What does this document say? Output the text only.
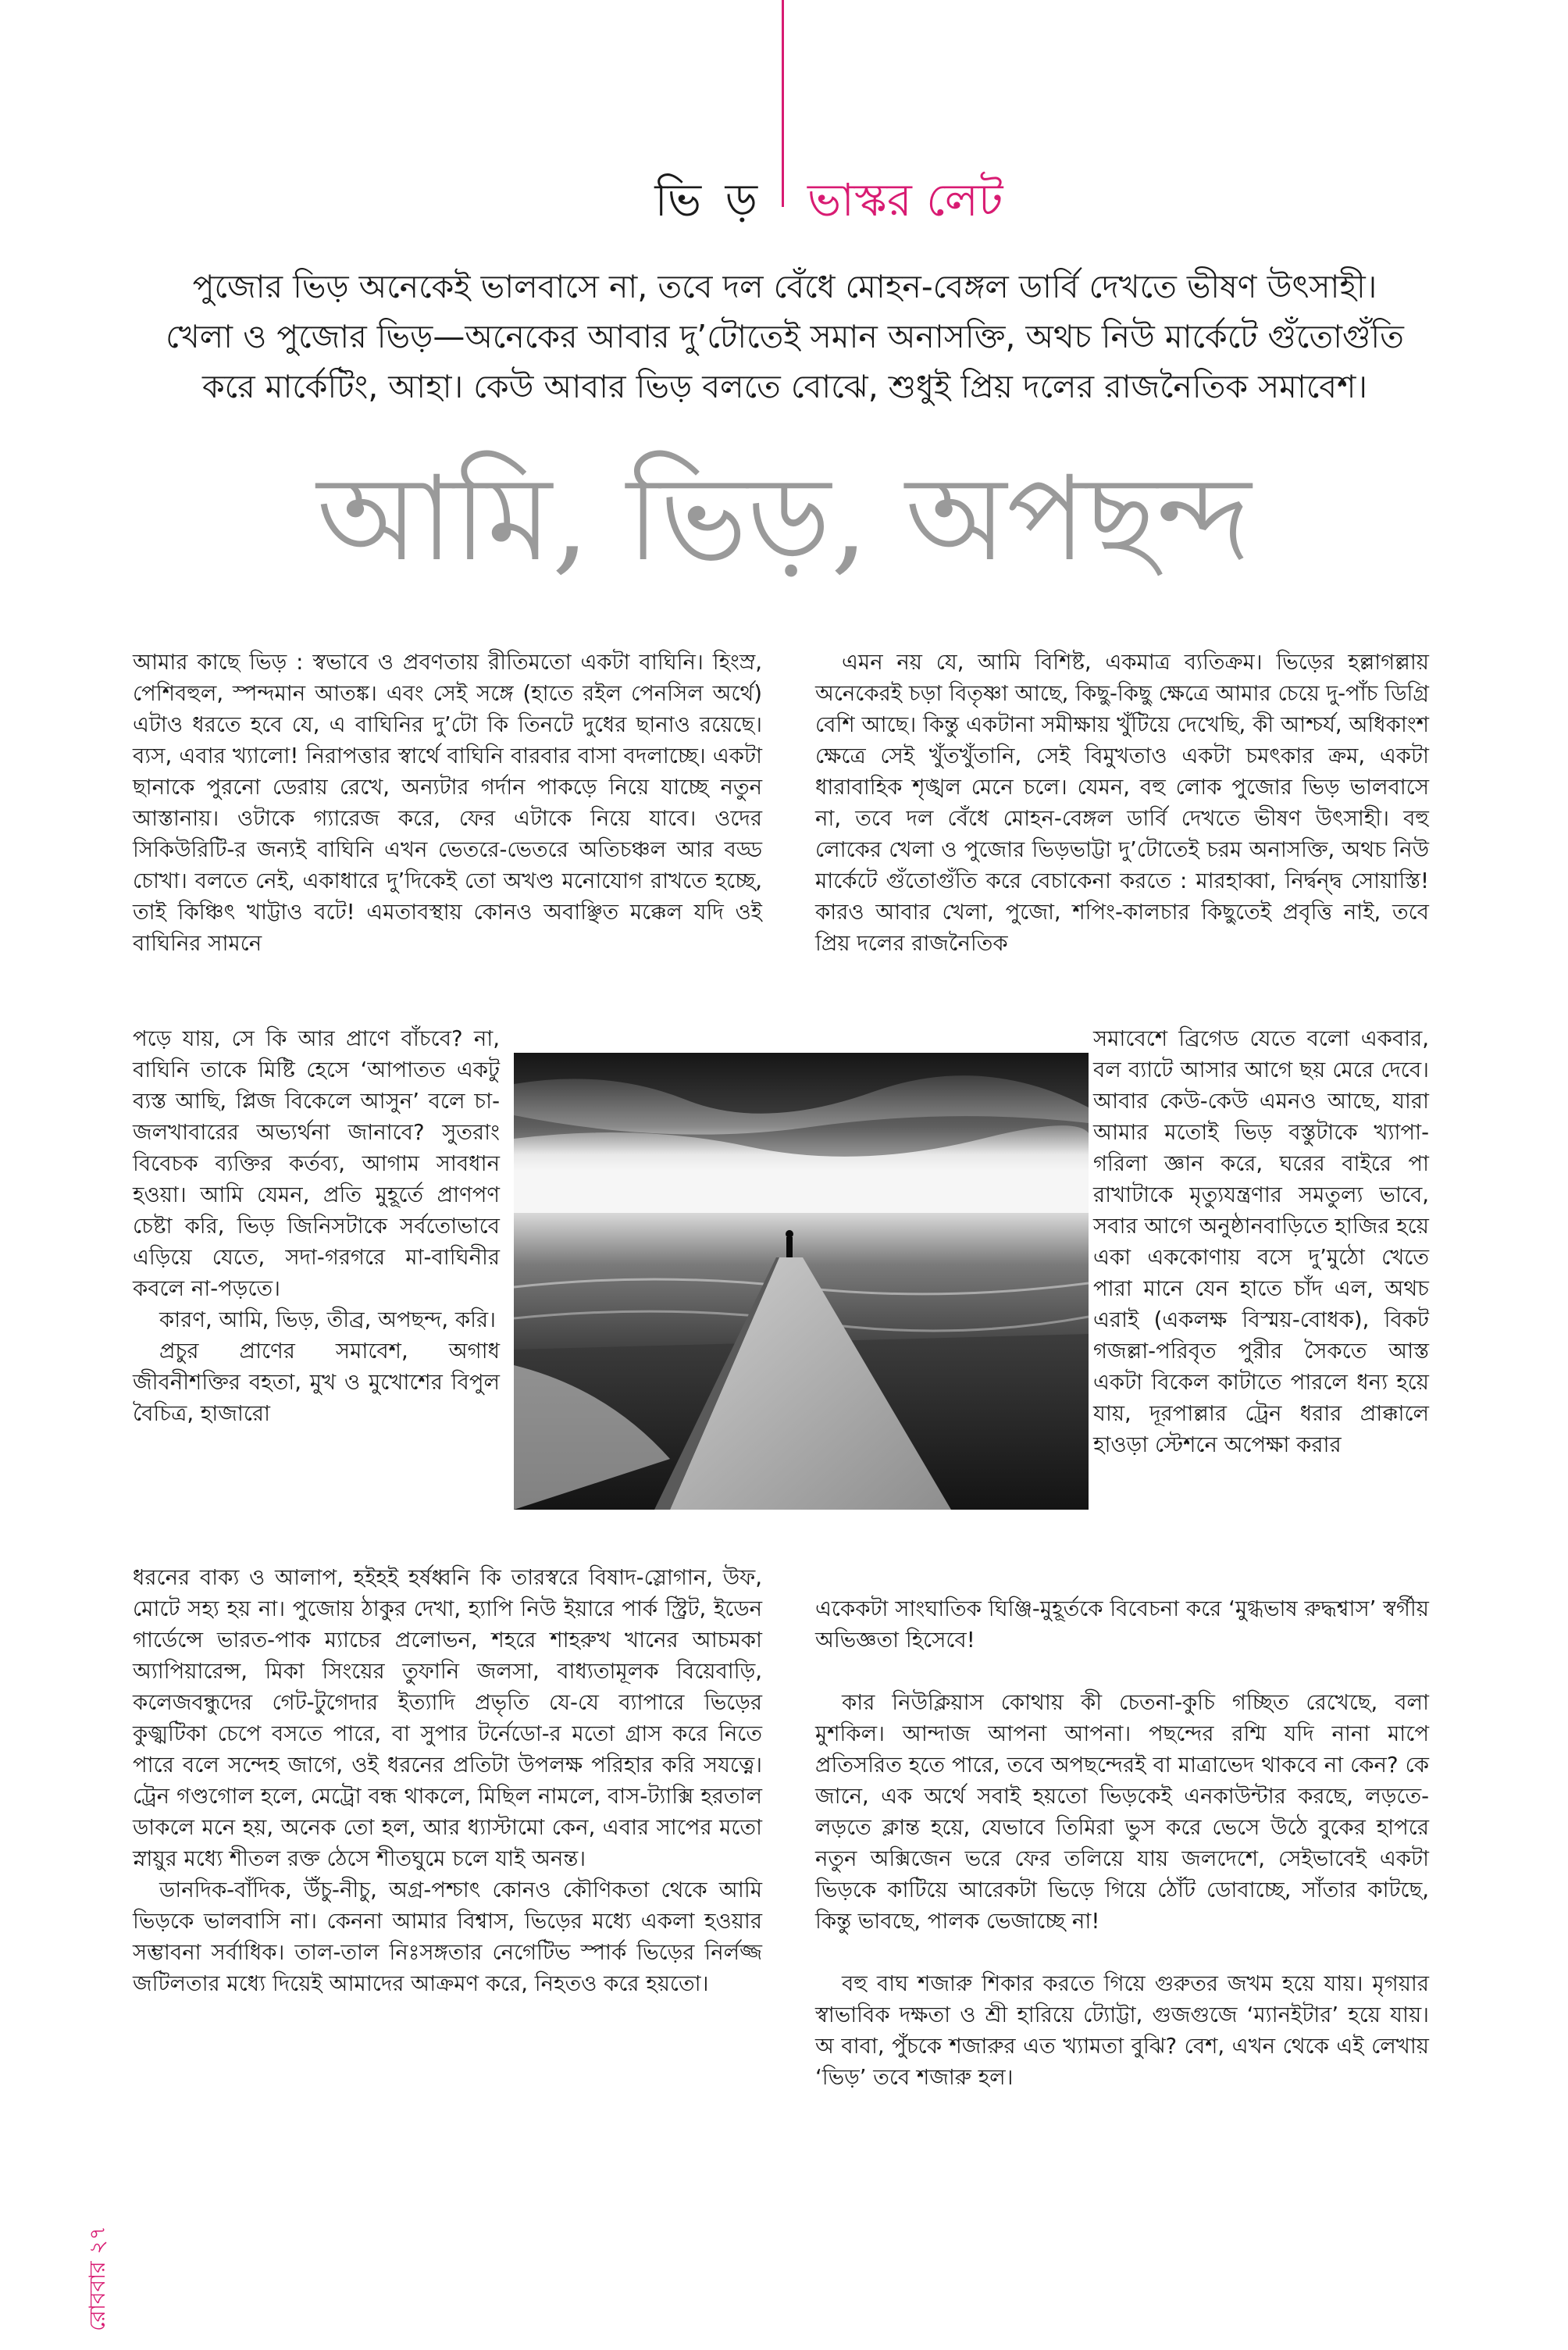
ভি ড় ভাস্কর লেট
পুজোর ভিড় অনেকেই ভালবাসে না, তবে দল বেঁধে মোহন-বেঙ্গল ডার্বি দেখতে ভীষণ উৎসাহী। খেলা ও পুজোর ভিড়—অনেকের আবার দু’টোতেই সমান অনাসক্তি, অথচ নিউ মার্কেটে গুঁতোগুঁতি করে মার্কেটিং, আহা। কেউ আবার ভিড় বলতে বোঝে, শুধুই প্রিয় দলের রাজনৈতিক সমাবেশ।
আমি, ভিড়, অপছন্দ

আমার কাছে ভিড় : স্বভাবে ও প্রবণতায় রীতিমতো একটা বাঘিনি। হিংস্র, পেশিবহুল, স্পন্দমান আতঙ্ক। এবং সেই সঙ্গে (হাতে রইল পেনসিল অর্থে) এটাও ধরতে হবে যে, এ বাঘিনির দু’টো কি তিনটে দুধের ছানাও রয়েছে। ব্যস, এবার খ্যালো! নিরাপত্তার স্বার্থে বাঘিনি বারবার বাসা বদলাচ্ছে। একটা ছানাকে পুরনো ডেরায় রেখে, অন্যটার গর্দান পাকড়ে নিয়ে যাচ্ছে নতুন আস্তানায়। ওটাকে গ্যারেজ করে, ফের এটাকে নিয়ে যাবে। ওদের সিকিউরিটি-র জন্যই বাঘিনি এখন ভেতরে-ভেতরে অতিচঞ্চল আর বড্ড চোখা। বলতে নেই, একাধারে দু’দিকেই তো অখণ্ড মনোযোগ রাখতে হচ্ছে, তাই কিঞ্চিৎ খাট্টাও বটে! এমতাবস্থায় কোনও অবাঞ্ছিত মক্কেল যদি ওই বাঘিনির সামনে

পড়ে যায়, সে কি আর প্রাণে বাঁচবে? না, বাঘিনি তাকে মিষ্টি হেসে ‘আপাতত একটু ব্যস্ত আছি, প্লিজ বিকেলে আসুন’ বলে চা-জলখাবারের অভ্যর্থনা জানাবে? সুতরাং বিবেচক ব্যক্তির কর্তব্য, আগাম সাবধান হওয়া। আমি যেমন, প্রতি মুহূর্তে প্রাণপণ চেষ্টা করি, ভিড় জিনিসটাকে সর্বতোভাবে এড়িয়ে যেতে, সদা-গরগরে মা-বাঘিনীর কবলে না-পড়তে।

কারণ, আমি, ভিড়, তীব্র, অপছন্দ, করি।

প্রচুর প্রাণের সমাবেশ, অগাধ জীবনীশক্তির বহতা, মুখ ও মুখোশের বিপুল বৈচিত্র, হাজারো

ধরনের বাক্য ও আলাপ, হইহই হর্ষধ্বনি কি তারস্বরে বিষাদ-স্লোগান, উফ, মোটে সহ্য হয় না। পুজোয় ঠাকুর দেখা, হ্যাপি নিউ ইয়ারে পার্ক স্ট্রিট, ইডেন গার্ডেন্সে ভারত-পাক ম্যাচের প্রলোভন, শহরে শাহরুখ খানের আচমকা অ্যাপিয়ারেন্স, মিকা সিংয়ের তুফানি জলসা, বাধ্যতামূলক বিয়েবাড়ি, কলেজবন্ধুদের গেট-টুগেদার ইত্যাদি প্রভৃতি যে-যে ব্যাপারে ভিড়ের কুজ্ঝটিকা চেপে বসতে পারে, বা সুপার টর্নেডো-র মতো গ্রাস করে নিতে পারে বলে সন্দেহ জাগে, ওই ধরনের প্রতিটা উপলক্ষ পরিহার করি সযত্নে। ট্রেন গণ্ডগোল হলে, মেট্রো বন্ধ থাকলে, মিছিল নামলে, বাস-ট্যাক্সি হরতাল ডাকলে মনে হয়, অনেক তো হল, আর ধ্যাস্টামো কেন, এবার সাপের মতো স্নায়ুর মধ্যে শীতল রক্ত ঠেসে শীতঘুমে চলে যাই অনন্ত।

ডানদিক-বাঁদিক, উঁচু-নীচু, অগ্র-পশ্চাৎ কোনও কৌণিকতা থেকে আমি ভিড়কে ভালবাসি না। কেননা আমার বিশ্বাস, ভিড়ের মধ্যে একলা হওয়ার সম্ভাবনা সর্বাধিক। তাল-তাল নিঃসঙ্গতার নেগেটিভ স্পার্ক ভিড়ের নির্লজ্জ জটিলতার মধ্যে দিয়েই আমাদের আক্রমণ করে, নিহতও করে হয়তো।

এমন নয় যে, আমি বিশিষ্ট, একমাত্র ব্যতিক্রম। ভিড়ের হল্লাগল্লায় অনেকেরই চড়া বিতৃষ্ণা আছে, কিছু-কিছু ক্ষেত্রে আমার চেয়ে দু-পাঁচ ডিগ্রি বেশি আছে। কিন্তু একটানা সমীক্ষায় খুঁটিয়ে দেখেছি, কী আশ্চর্য, অধিকাংশ ক্ষেত্রে সেই খুঁতখুঁতানি, সেই বিমুখতাও একটা চমৎকার ক্রম, একটা ধারাবাহিক শৃঙ্খল মেনে চলে। যেমন, বহু লোক পুজোর ভিড় ভালবাসে না, তবে দল বেঁধে মোহন-বেঙ্গল ডার্বি দেখতে ভীষণ উৎসাহী। বহু লোকের খেলা ও পুজোর ভিড়ভাট্টা দু’টোতেই চরম অনাসক্তি, অথচ নিউ মার্কেটে গুঁতোগুঁতি করে বেচাকেনা করতে : মারহাব্বা, নির্দ্বন্দ্ব সোয়াস্তি! কারও আবার খেলা, পুজো, শপিং-কালচার কিছুতেই প্রবৃত্তি নাই, তবে প্রিয় দলের রাজনৈতিক

সমাবেশে ব্রিগেড যেতে বলো একবার, বল ব্যাটে আসার আগে ছয় মেরে দেবে। আবার কেউ-কেউ এমনও আছে, যারা আমার মতোই ভিড় বস্তুটাকে খ্যাপা-গরিলা জ্ঞান করে, ঘরের বাইরে পা রাখাটাকে মৃত্যুযন্ত্রণার সমতুল্য ভাবে, সবার আগে অনুষ্ঠানবাড়িতে হাজির হয়ে একা এককোণায় বসে দু’মুঠো খেতে পারা মানে যেন হাতে চাঁদ এল, অথচ এরাই (একলক্ষ বিস্ময়-বোধক), বিকট গজল্লা-পরিবৃত পুরীর সৈকতে আস্ত একটা বিকেল কাটাতে পারলে ধন্য হয়ে যায়, দূরপাল্লার ট্রেন ধরার প্রাক্কালে হাওড়া স্টেশনে অপেক্ষা করার

একেকটা সাংঘাতিক ঘিঞ্জি-মুহূর্তকে বিবেচনা করে ‘মুগ্ধভাষ রুদ্ধশ্বাস’ স্বর্গীয় অভিজ্ঞতা হিসেবে!

কার নিউক্লিয়াস কোথায় কী চেতনা-কুচি গচ্ছিত রেখেছে, বলা মুশকিল। আন্দাজ আপনা আপনা। পছন্দের রশ্মি যদি নানা মাপে প্রতিসরিত হতে পারে, তবে অপছন্দেরই বা মাত্রাভেদ থাকবে না কেন? কে জানে, এক অর্থে সবাই হয়তো ভিড়কেই এনকাউন্টার করছে, লড়তে-লড়তে ক্লান্ত হয়ে, যেভাবে তিমিরা ভুস করে ভেসে উঠে বুকের হাপরে নতুন অক্সিজেন ভরে ফের তলিয়ে যায় জলদেশে, সেইভাবেই একটা ভিড়কে কাটিয়ে আরেকটা ভিড়ে গিয়ে ঠোঁট ডোবাচ্ছে, সাঁতার কাটছে, কিন্তু ভাবছে, পালক ভেজাচ্ছে না!

বহু বাঘ শজারু শিকার করতে গিয়ে গুরুতর জখম হয়ে যায়। মৃগয়ার স্বাভাবিক দক্ষতা ও শ্রী হারিয়ে ট্যোট্টা, গুজগুজে ‘ম্যানইটার’ হয়ে যায়। অ বাবা, পুঁচকে শজারুর এত খ্যামতা বুঝি? বেশ, এখন থেকে এই লেখায় ‘ভিড়’ তবে শজারু হল।

রোববার ২৭
